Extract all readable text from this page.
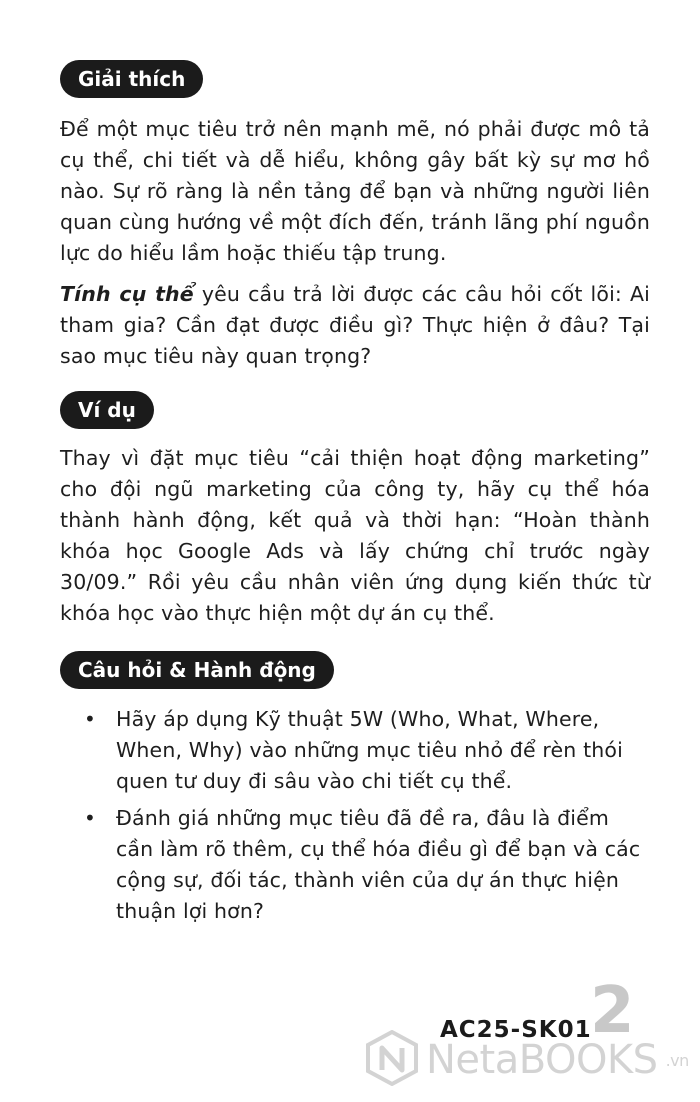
Giải thích

Để một mục tiêu trở nên mạnh mẽ, nó phải được mô tả cụ thể, chi tiết và dễ hiểu, không gây bất kỳ sự mơ hồ nào. Sự rõ ràng là nền tảng để bạn và những người liên quan cùng hướng về một đích đến, tránh lãng phí nguồn lực do hiểu lầm hoặc thiếu tập trung.

Tính cụ thể yêu cầu trả lời được các câu hỏi cốt lõi: Ai tham gia? Cần đạt được điều gì? Thực hiện ở đâu? Tại sao mục tiêu này quan trọng?

Ví dụ

Thay vì đặt mục tiêu “cải thiện hoạt động marketing” cho đội ngũ marketing của công ty, hãy cụ thể hóa thành hành động, kết quả và thời hạn: “Hoàn thành khóa học Google Ads và lấy chứng chỉ trước ngày 30/09.” Rồi yêu cầu nhân viên ứng dụng kiến thức từ khóa học vào thực hiện một dự án cụ thể.

Câu hỏi & Hành động
• Hãy áp dụng Kỹ thuật 5W (Who, What, Where, When, Why) vào những mục tiêu nhỏ để rèn thói quen tư duy đi sâu vào chi tiết cụ thể.
• Đánh giá những mục tiêu đã đề ra, đâu là điểm cần làm rõ thêm, cụ thể hóa điều gì để bạn và các cộng sự, đối tác, thành viên của dự án thực hiện thuận lợi hơn?
2
AC25-SK01
NetaBOOKS .vn
